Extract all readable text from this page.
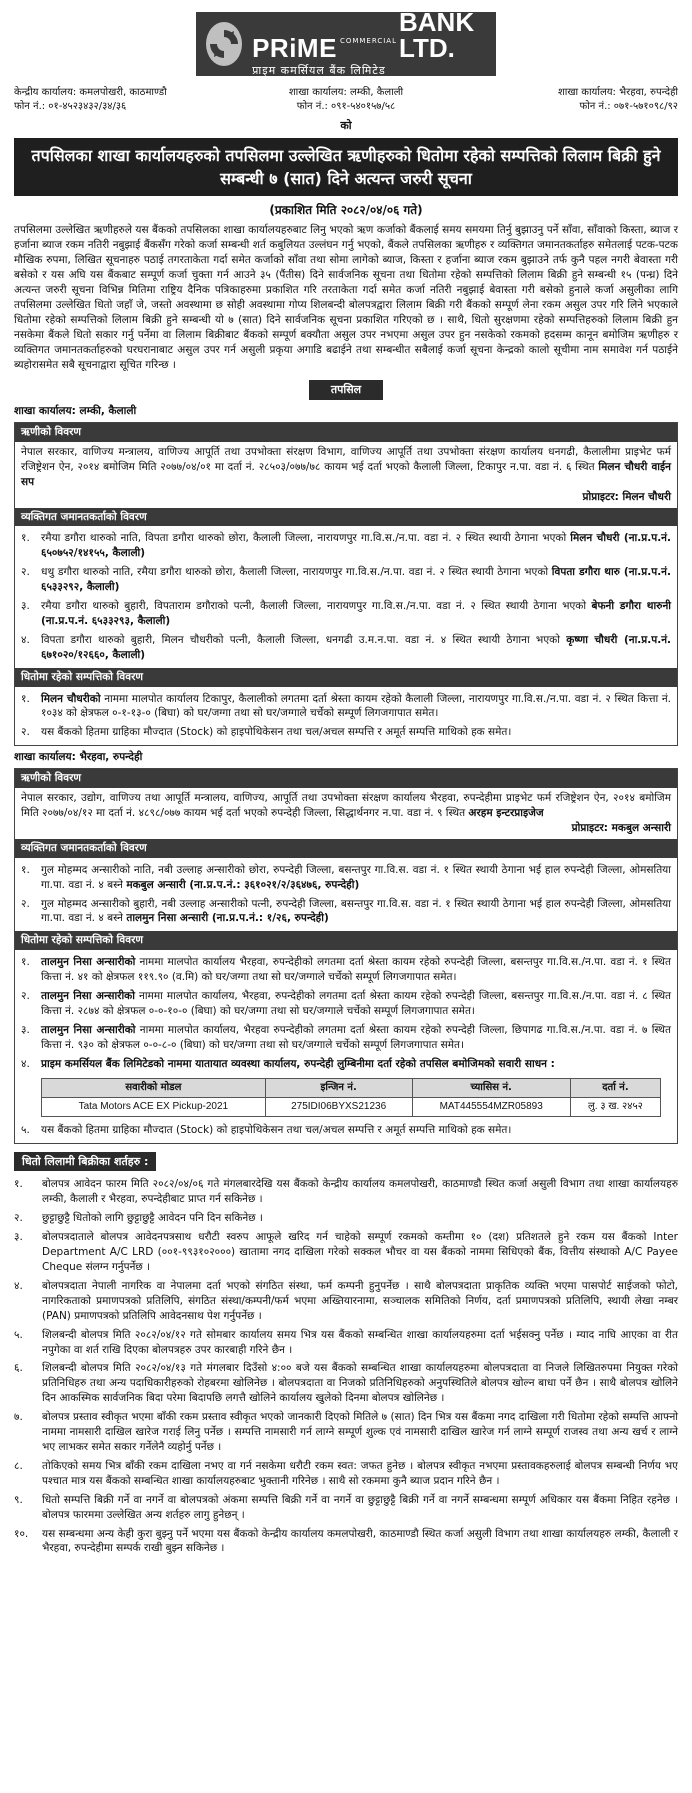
PRiME COMMERCIAL
BANK LTD.
प्राइम कमर्सियल बैंक लिमिटेड
केन्द्रीय कार्यालय: कमलपोखरी, काठमाण्डौ
फोन नं.: ०१-४५२३४३२/३४/३६
शाखा कार्यालय: लम्की, कैलाली
फोन नं.: ०९१-५४०१५७/५८
शाखा कार्यालय: भैरहवा, रुपन्देही
फोन नं.: ०७१-५७१०९८/९२
को
तपसिलका शाखा कार्यालयहरुको तपसिलमा उल्लेखित ऋणीहरुको धितोमा रहेको सम्पत्तिको लिलाम बिक्री हुने सम्बन्धी ७ (सात) दिने अत्यन्त जरुरी सूचना
(प्रकाशित मिति २०८२/०४/०६ गते)

तपसिलमा उल्लेखित ऋणीहरुले यस बैंकको तपसिलका शाखा कार्यालयहरुबाट लिनु भएको ऋण कर्जाको बैंकलाई समय समयमा तिर्नु बुझाउनु पर्ने साँवा, साँवाको किस्ता, ब्याज र हर्जाना ब्याज रकम नतिरी नबुझाई बैंकसँग गरेको कर्जा सम्बन्धी शर्त कबुलियत उल्लंघन गर्नु भएको, बैंकले तपसिलका ऋणीहरु र व्यक्तिगत जमानतकर्ताहरु समेतलाई पटक-पटक मौखिक रुपमा, लिखित सूचनाहरु पठाई तगरताकेता गर्दा समेत कर्जाको साँवा तथा सोमा लागेको ब्याज, किस्ता र हर्जाना ब्याज रकम बुझाउने तर्फ कुनै पहल नगरी बेवास्ता गरी बसेको र यस अघि यस बैंकबाट सम्पूर्ण कर्जा चुक्ता गर्न आउने ३५ (पैंतीस) दिने सार्वजनिक सूचना तथा धितोमा रहेको सम्पत्तिको लिलाम बिक्री हुने सम्बन्धी १५ (पन्ध्र) दिने अत्यन्त जरुरी सूचना विभिन्न मितिमा राष्ट्रिय दैनिक पत्रिकाहरुमा प्रकाशित गरि तरताकेता गर्दा समेत कर्जा नतिरी नबुझाई बेवास्ता गरी बसेको हुनाले कर्जा असुलीका लागि तपसिलमा उल्लेखित धितो जहाँ जे, जस्तो अवस्थामा छ सोही अवस्थामा गोप्य शिलबन्दी बोलपत्रद्वारा लिलाम बिक्री गरी बैंकको सम्पूर्ण लेना रकम असुल उपर गरि लिने भएकाले धितोमा रहेको सम्पत्तिको लिलाम बिक्री हुने सम्बन्धी यो ७ (सात) दिने सार्वजनिक सूचना प्रकाशित गरिएको छ । साथै, धितो सुरक्षणमा रहेको सम्पत्तिहरुको लिलाम बिक्री हुन नसकेमा बैंकले धितो सकार गर्नु पर्नेमा वा लिलाम बिक्रीबाट बैंकको सम्पूर्ण बक्यौता असुल उपर नभएमा असुल उपर हुन नसकेको रकमको हदसम्म कानून बमोजिम ऋणीहरु र व्यक्तिगत जमानतकर्ताहरुको घरघरानाबाट असुल उपर गर्न असुली प्रकृया अगाडि बढाईने तथा सम्बन्धीत सबैलाई कर्जा सूचना केन्द्रको कालो सूचीमा नाम समावेश गर्न पठाईने ब्यहोरासमेत सबै सूचनाद्वारा सूचित गरिन्छ ।

तपसिल
शाखा कार्यालय: लम्की, कैलाली
ऋणीको विवरण
नेपाल सरकार, वाणिज्य मन्त्रालय, वाणिज्य आपूर्ति तथा उपभोक्ता संरक्षण विभाग, वाणिज्य आपूर्ति तथा उपभोक्ता संरक्षण कार्यालय धनगढी, कैलालीमा प्राइभेट फर्म रजिष्ट्रेशन ऐन, २०१४ बमोजिम मिति २०७७/०४/०१ मा दर्ता नं. २८५०३/०७७/७८ कायम भई दर्ता भएको कैलाली जिल्ला, टिकापुर न.पा. वडा नं. ६ स्थित मिलन चौधरी वाईन सप
प्रोप्राइटर: मिलन चौधरी
व्यक्तिगत जमानतकर्ताको विवरण
१.	रमैया डगौरा थारुको नाति, विपता डगौरा थारुको छोरा, कैलाली जिल्ला, नारायणपुर गा.वि.स./न.पा. वडा नं. २ स्थित स्थायी ठेगाना भएको मिलन चौधरी (ना.प्र.प.नं. ६५०७५२/१४१५५, कैलाली)
२.	धथु डगौरा थारुको नाति, रमैया डगौरा थारुको छोरा, कैलाली जिल्ला, नारायणपुर गा.वि.स./न.पा. वडा नं. २ स्थित स्थायी ठेगाना भएको विपता डगौरा थारु (ना.प्र.प.नं. ६५३३२९२, कैलाली)
३.	रमैया डगौरा थारुको बुहारी, विपताराम डगौराको पत्नी, कैलाली जिल्ला, नारायणपुर गा.वि.स./न.पा. वडा नं. २ स्थित स्थायी ठेगाना भएको बेफनी डगौरा थारुनी (ना.प्र.प.नं. ६५३३२९३, कैलाली)
४.	विपता डगौरा थारुको बुहारी, मिलन चौधरीको पत्नी, कैलाली जिल्ला, धनगढी उ.म.न.पा. वडा नं. ४ स्थित स्थायी ठेगाना भएको कृष्णा चौधरी (ना.प्र.प.नं. ६७१०२०/१२६६०, कैलाली)
धितोमा रहेको सम्पत्तिको विवरण
१.	मिलन चौधरीको नाममा मालपोत कार्यालय टिकापुर, कैलालीको लगतमा दर्ता श्रेस्ता कायम रहेको कैलाली जिल्ला, नारायणपुर गा.वि.स./न.पा. वडा नं. २ स्थित कित्ता नं. १०३४ को क्षेत्रफल ०-१-१३-० (बिघा) को घर/जग्गा तथा सो घर/जग्गाले चर्चेको सम्पूर्ण लिगजगापात समेत।
२.	यस बैंकको हितमा ग्राहिका मौज्दात (Stock) को हाइपोथिकेसन तथा चल/अचल सम्पत्ति र अमूर्त सम्पत्ति माथिको हक समेत।
शाखा कार्यालय: भैरहवा, रुपन्देही
ऋणीको विवरण
नेपाल सरकार, उद्योग, वाणिज्य तथा आपूर्ति मन्त्रालय, वाणिज्य, आपूर्ति तथा उपभोक्ता संरक्षण कार्यालय भैरहवा, रुपन्देहीमा प्राइभेट फर्म रजिष्ट्रेशन ऐन, २०१४ बमोजिम मिति २०७७/०४/१२ मा दर्ता नं. ४८९८/०७७ कायम भई दर्ता भएको रुपन्देही जिल्ला, सिद्धार्थनगर न.पा. वडा नं. ९ स्थित अरहम इन्टरप्राइजेज
प्रोप्राइटर: मकबुल अन्सारी
व्यक्तिगत जमानतकर्ताको विवरण
१.	गुल मोहम्मद अन्सारीको नाति, नबी उल्लाह अन्सारीको छोरा, रुपन्देही जिल्ला, बसन्तपुर गा.वि.स. वडा नं. १ स्थित स्थायी ठेगाना भई हाल रुपन्देही जिल्ला, ओमसतिया गा.पा. वडा नं. ४ बस्ने मकबुल अन्सारी (ना.प्र.प.नं.: ३६१०२१/२/३६४७६, रुपन्देही)
२.	गुल मोहम्मद अन्सारीको बुहारी, नबी उल्लाह अन्सारीको पत्नी, रुपन्देही जिल्ला, बसन्तपुर गा.वि.स. वडा नं. १ स्थित स्थायी ठेगाना भई हाल रुपन्देही जिल्ला, ओमसतिया गा.पा. वडा नं. ४ बस्ने तालमुन निसा अन्सारी (ना.प्र.प.नं.: १/२६, रुपन्देही)
धितोमा रहेको सम्पत्तिको विवरण
१.	तालमुन निसा अन्सारीको नाममा मालपोत कार्यालय भैरहवा, रुपन्देहीको लगतमा दर्ता श्रेस्ता कायम रहेको रुपन्देही जिल्ला, बसन्तपुर गा.वि.स./न.पा. वडा नं. १ स्थित कित्ता नं. ४१ को क्षेत्रफल ११९.९० (व.मि) को घर/जग्गा तथा सो घर/जग्गाले चर्चेको सम्पूर्ण लिगजगापात समेत।
२.	तालमुन निसा अन्सारीको नाममा मालपोत कार्यालय, भैरहवा, रुपन्देहीको लगतमा दर्ता श्रेस्ता कायम रहेको रुपन्देही जिल्ला, बसन्तपुर गा.वि.स./न.पा. वडा नं. ८ स्थित कित्ता नं. २८७४ को क्षेत्रफल ०-०-१०-० (बिघा) को घर/जग्गा तथा सो घर/जग्गाले चर्चेको सम्पूर्ण लिगजगापात समेत।
३.	तालमुन निसा अन्सारीको नाममा मालपोत कार्यालय, भैरहवा रुपन्देहीको लगतमा दर्ता श्रेस्ता कायम रहेको रुपन्देही जिल्ला, छिपागढ गा.वि.स./न.पा. वडा नं. ७ स्थित कित्ता नं. ९३० को क्षेत्रफल ०-०-८-० (बिघा) को घर/जग्गा तथा सो घर/जग्गाले चर्चेको सम्पूर्ण लिगजगापात समेत।
४.	प्राइम कमर्सियल बैंक लिमिटेडको नाममा यातायात व्यवस्था कार्यालय, रुपन्देही लुम्बिनीमा दर्ता रहेको तपसिल बमोजिमको सवारी साधन :
सवारीको मोडल	इन्जिन नं.	च्यासिस नं.	दर्ता नं.
Tata Motors ACE EX Pickup-2021	275IDI06BYXS21236	MAT445554MZR05893	लु. ३ ख. २४५२
५.	यस बैंकको हितमा ग्राहिका मौज्दात (Stock) को हाइपोथिकेसन तथा चल/अचल सम्पत्ति र अमूर्त सम्पत्ति माथिको हक समेत।
धितो लिलामी बिक्रीका शर्तहरु :
१.	बोलपत्र आवेदन फारम मिति २०८२/०४/०६ गते मंगलबारदेखि यस बैंकको केन्द्रीय कार्यालय कमलपोखरी, काठमाण्डौ स्थित कर्जा असुली विभाग तथा शाखा कार्यालयहरु लम्की, कैलाली र भैरहवा, रुपन्देहीबाट प्राप्त गर्न सकिनेछ ।
२.	छुट्टाछुट्टै धितोको लागि छुट्टाछुट्टै आवेदन पनि दिन सकिनेछ ।
३.	बोलपत्रदाताले बोलपत्र आवेदनपत्रसाथ धरौटी स्वरुप आफूले खरिद गर्न चाहेको सम्पूर्ण रकमको कम्तीमा १० (दश) प्रतिशतले हुने रकम यस बैंकको Inter Department A/C LRD (००१-९९३१०२०००) खातामा नगद दाखिला गरेको सक्कल भौचर वा यस बैंकको नाममा सिधिएको बैंक, वित्तीय संस्थाको A/C Payee Cheque संलग्न गर्नुपर्नेछ ।
४.	बोलपत्रदाता नेपाली नागरिक वा नेपालमा दर्ता भएको संगठित संस्था, फर्म कम्पनी हुनुपर्नेछ । साथै बोलपत्रदाता प्राकृतिक व्यक्ति भएमा पासपोर्ट साईजको फोटो, नागरिकताको प्रमाणपत्रको प्रतिलिपि, संगठित संस्था/कम्पनी/फर्म भएमा अख्तियारनामा, सञ्चालक समितिको निर्णय, दर्ता प्रमाणपत्रको प्रतिलिपि, स्थायी लेखा नम्बर (PAN) प्रमाणपत्रको प्रतिलिपि आवेदनसाथ पेश गर्नुपर्नेछ ।
५.	शिलबन्दी बोलपत्र मिति २०८२/०४/१२ गते सोमबार कार्यालय समय भित्र यस बैंकको सम्बन्धित शाखा कार्यालयहरुमा दर्ता भईसक्नु पर्नेछ । म्याद नाघि आएका वा रीत नपुगेका वा शर्त राखि दिएका बोलपत्रहरु उपर कारबाही गरिने छैन ।
६.	शिलबन्दी बोलपत्र मिति २०८२/०४/१३ गते मंगलबार दिउँसो ४:०० बजे यस बैंकको सम्बन्धित शाखा कार्यालयहरुमा बोलपत्रदाता वा निजले लिखितरुपमा नियुक्त गरेको प्रतिनिधिहरु तथा अन्य पदाधिकारीहरुको रोहबरमा खोलिनेछ । बोलपत्रदाता वा निजको प्रतिनिधिहरुको अनुपस्थितिले बोलपत्र खोल्न बाधा पर्ने छैन । साथै बोलपत्र खोलिने दिन आकस्मिक सार्वजनिक बिदा परेमा बिदापछि लगत्तै खोलिने कार्यालय खुलेको दिनमा बोलपत्र खोलिनेछ ।
७.	बोलपत्र प्रस्ताव स्वीकृत भएमा बाँकी रकम प्रस्ताव स्वीकृत भएको जानकारी दिएको मितिले ७ (सात) दिन भित्र यस बैंकमा नगद दाखिला गरी धितोमा रहेको सम्पत्ति आफ्नो नाममा नामसारी दाखिल खारेज गराई लिनु पर्नेछ । सम्पत्ति नामसारी गर्न लाग्ने सम्पूर्ण शुल्क एवं नामसारी दाखिल खारेज गर्न लाग्ने सम्पूर्ण राजस्व तथा अन्य खर्च र लाग्ने भए लाभकर समेत सकार गर्नेलेनै व्यहोर्नु पर्नेछ ।
८.	तोकिएको समय भित्र बाँकी रकम दाखिला नभए वा गर्न नसकेमा धरौटी रकम स्वत: जफत हुनेछ । बोलपत्र स्वीकृत नभएमा प्रस्तावकहरुलाई बोलपत्र सम्बन्धी निर्णय भए पश्चात मात्र यस बैंकको सम्बन्धित शाखा कार्यालयहरुबाट भुक्तानी गरिनेछ । साथै सो रकममा कुनै ब्याज प्रदान गरिने छैन ।
९.	धितो सम्पत्ति बिक्री गर्ने वा नगर्ने वा बोलपत्रको अंकमा सम्पत्ति बिक्री गर्ने वा नगर्ने वा छुट्टाछुट्टै बिक्री गर्ने वा नगर्ने सम्बन्धमा सम्पूर्ण अधिकार यस बैंकमा निहित रहनेछ । बोलपत्र फारममा उल्लेखित अन्य शर्तहरु लागु हुनेछन् ।
१०.	यस सम्बन्धमा अन्य केही कुरा बुझ्नु पर्ने भएमा यस बैंकको केन्द्रीय कार्यालय कमलपोखरी, काठमाण्डौ स्थित कर्जा असुली विभाग तथा शाखा कार्यालयहरु लम्की, कैलाली र भैरहवा, रुपन्देहीमा सम्पर्क राखी बुझ्न सकिनेछ ।
